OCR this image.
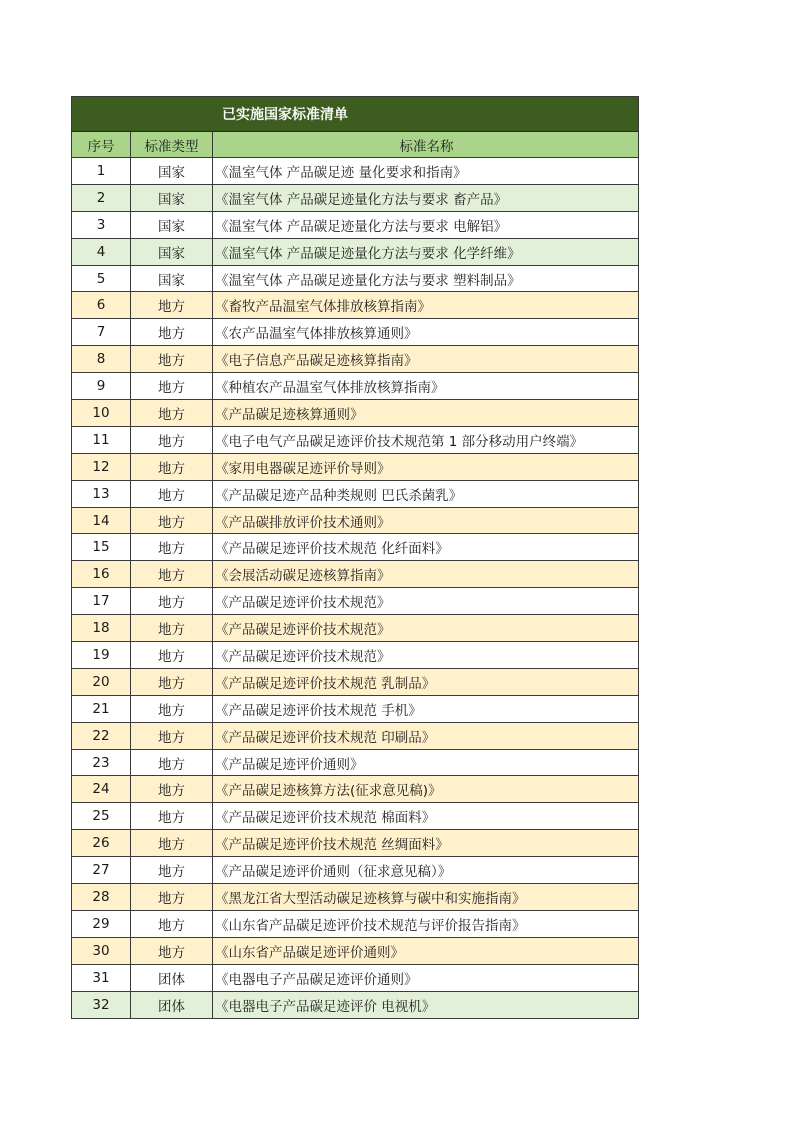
已实施国家标准清单		
序号	标准类型	标准名称
1	国家	《温室气体 产品碳足迹 量化要求和指南》
2	国家	《温室气体 产品碳足迹量化方法与要求 畜产品》
3	国家	《温室气体 产品碳足迹量化方法与要求 电解铝》
4	国家	《温室气体 产品碳足迹量化方法与要求 化学纤维》
5	国家	《温室气体 产品碳足迹量化方法与要求 塑料制品》
6	地方	《畜牧产品温室气体排放核算指南》
7	地方	《农产品温室气体排放核算通则》
8	地方	《电子信息产品碳足迹核算指南》
9	地方	《种植农产品温室气体排放核算指南》
10	地方	《产品碳足迹核算通则》
11	地方	《电子电气产品碳足迹评价技术规范第 1 部分移动用户终端》
12	地方	《家用电器碳足迹评价导则》
13	地方	《产品碳足迹产品种类规则 巴氏杀菌乳》
14	地方	《产品碳排放评价技术通则》
15	地方	《产品碳足迹评价技术规范 化纤面料》
16	地方	《会展活动碳足迹核算指南》
17	地方	《产品碳足迹评价技术规范》
18	地方	《产品碳足迹评价技术规范》
19	地方	《产品碳足迹评价技术规范》
20	地方	《产品碳足迹评价技术规范 乳制品》
21	地方	《产品碳足迹评价技术规范 手机》
22	地方	《产品碳足迹评价技术规范 印刷品》
23	地方	《产品碳足迹评价通则》
24	地方	《产品碳足迹核算方法(征求意见稿)》
25	地方	《产品碳足迹评价技术规范 棉面料》
26	地方	《产品碳足迹评价技术规范 丝绸面料》
27	地方	《产品碳足迹评价通则（征求意见稿）》
28	地方	《黑龙江省大型活动碳足迹核算与碳中和实施指南》
29	地方	《山东省产品碳足迹评价技术规范与评价报告指南》
30	地方	《山东省产品碳足迹评价通则》
31	团体	《电器电子产品碳足迹评价通则》
32	团体	《电器电子产品碳足迹评价 电视机》
